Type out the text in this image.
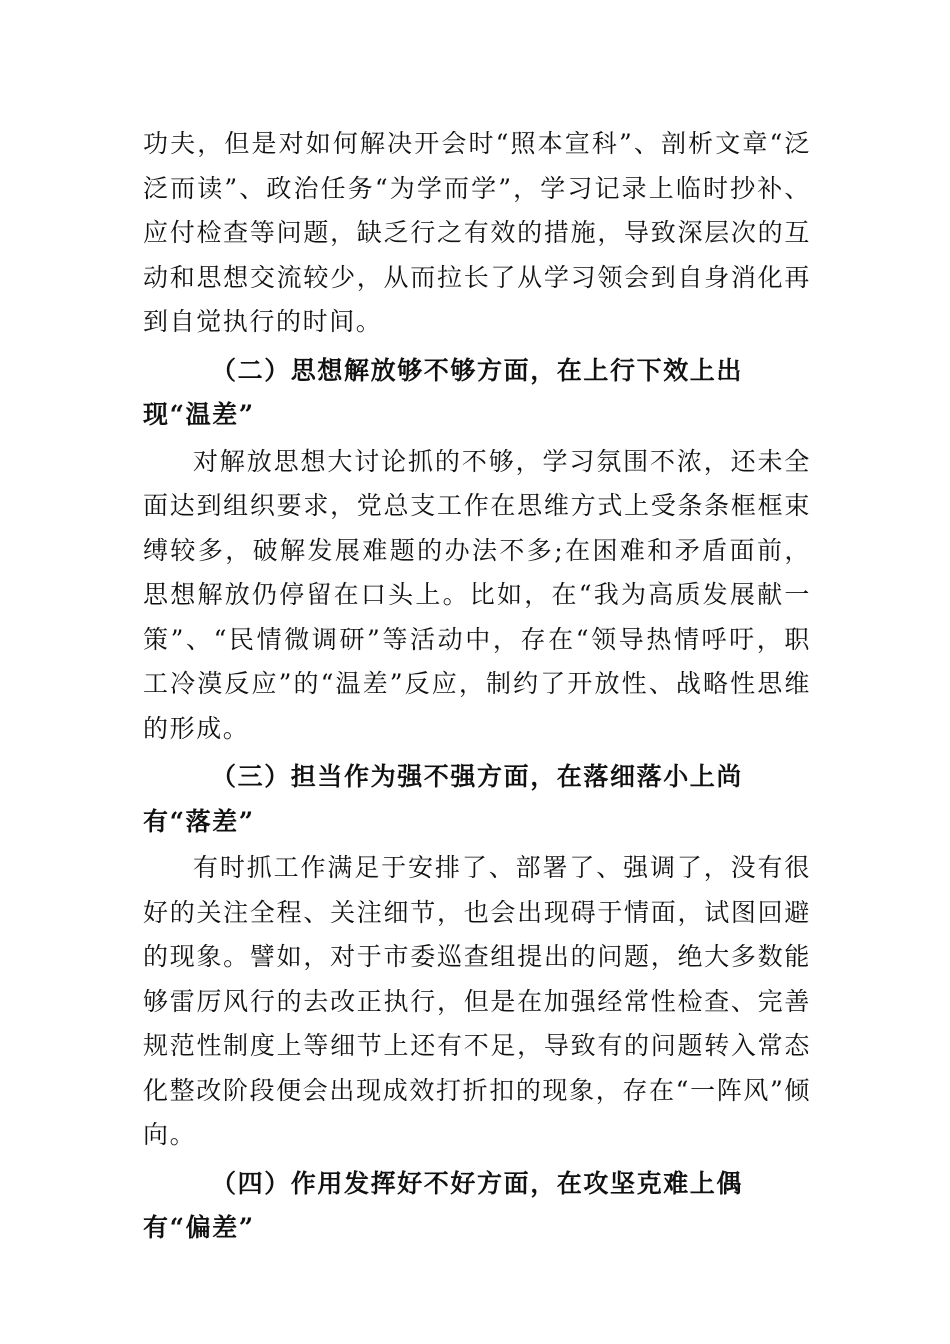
功夫，但是对如何解决开会时“照本宣科”、剖析文章“泛泛而读”、政治任务“为学而学”，学习记录上临时抄补、应付检查等问题，缺乏行之有效的措施，导致深层次的互动和思想交流较少，从而拉长了从学习领会到自身消化再到自觉执行的时间。

（二）思想解放够不够方面，在上行下效上出现“温差”

对解放思想大讨论抓的不够，学习氛围不浓，还未全面达到组织要求，党总支工作在思维方式上受条条框框束缚较多，破解发展难题的办法不多;在困难和矛盾面前，思想解放仍停留在口头上。比如，在“我为高质发展献一策”、“民情微调研”等活动中，存在“领导热情呼吁，职工冷漠反应”的“温差”反应，制约了开放性、战略性思维的形成。

（三）担当作为强不强方面，在落细落小上尚有“落差”

有时抓工作满足于安排了、部署了、强调了，没有很好的关注全程、关注细节，也会出现碍于情面，试图回避的现象。譬如，对于市委巡查组提出的问题，绝大多数能够雷厉风行的去改正执行，但是在加强经常性检查、完善规范性制度上等细节上还有不足，导致有的问题转入常态化整改阶段便会出现成效打折扣的现象，存在“一阵风”倾向。

（四）作用发挥好不好方面，在攻坚克难上偶有“偏差”
